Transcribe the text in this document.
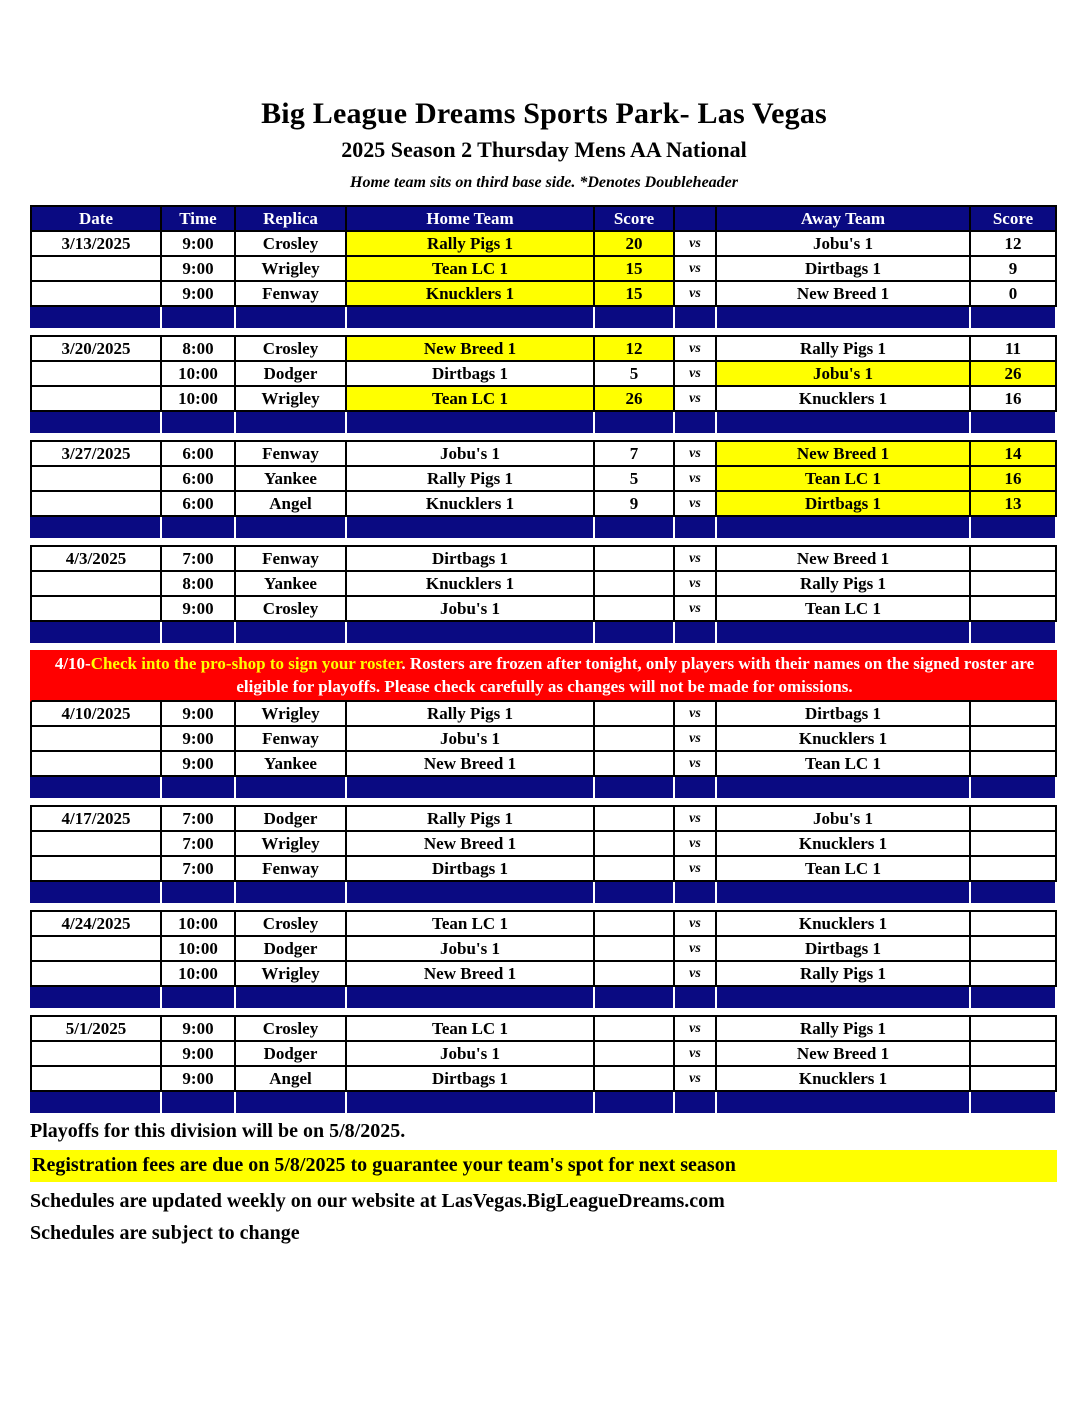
Big League Dreams Sports Park- Las Vegas
2025 Season 2 Thursday Mens AA National
Home team sits on third base side. *Denotes Doubleheader
Date	Time	Replica	Home Team	Score	Away Team	Score
3/13/2025	9:00	Crosley	Rally Pigs 1	20	vs	Jobu's 1	12
9:00	Wrigley	Tean LC 1	15	vs	Dirtbags 1	9
9:00	Fenway	Knucklers 1	15	vs	New Breed 1	0
3/20/2025	8:00	Crosley	New Breed 1	12	vs	Rally Pigs 1	11
10:00	Dodger	Dirtbags 1	5	vs	Jobu's 1	26
10:00	Wrigley	Tean LC 1	26	vs	Knucklers 1	16
3/27/2025	6:00	Fenway	Jobu's 1	7	vs	New Breed 1	14
6:00	Yankee	Rally Pigs 1	5	vs	Tean LC 1	16
6:00	Angel	Knucklers 1	9	vs	Dirtbags 1	13
4/3/2025	7:00	Fenway	Dirtbags 1	vs	New Breed 1
8:00	Yankee	Knucklers 1	vs	Rally Pigs 1
9:00	Crosley	Jobu's 1	vs	Tean LC 1
4/10-Check into the pro-shop to sign your roster. Rosters are frozen after tonight, only players with their names on the signed roster are eligible for playoffs. Please check carefully as changes will not be made for omissions.
4/10/2025	9:00	Wrigley	Rally Pigs 1	vs	Dirtbags 1
9:00	Fenway	Jobu's 1	vs	Knucklers 1
9:00	Yankee	New Breed 1	vs	Tean LC 1
4/17/2025	7:00	Dodger	Rally Pigs 1	vs	Jobu's 1
7:00	Wrigley	New Breed 1	vs	Knucklers 1
7:00	Fenway	Dirtbags 1	vs	Tean LC 1
4/24/2025	10:00	Crosley	Tean LC 1	vs	Knucklers 1
10:00	Dodger	Jobu's 1	vs	Dirtbags 1
10:00	Wrigley	New Breed 1	vs	Rally Pigs 1
5/1/2025	9:00	Crosley	Tean LC 1	vs	Rally Pigs 1
9:00	Dodger	Jobu's 1	vs	New Breed 1
9:00	Angel	Dirtbags 1	vs	Knucklers 1
Playoffs for this division will be on 5/8/2025.
Registration fees are due on 5/8/2025 to guarantee your team's spot for next season
Schedules are updated weekly on our website at LasVegas.BigLeagueDreams.com
Schedules are subject to change
